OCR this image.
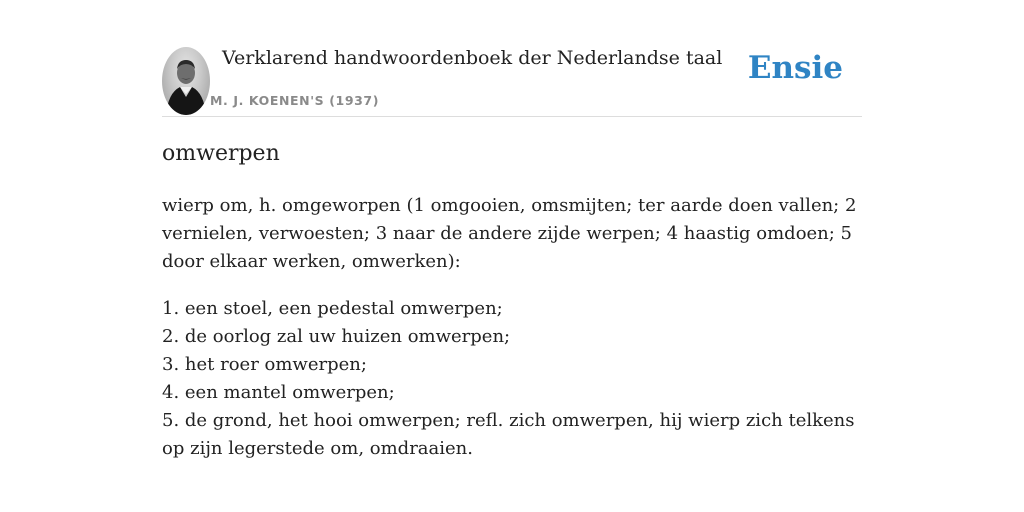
Verklarend handwoordenboek der Nederlandse taal
M. J. KOENEN'S (1937)
Ensie
omwerpen

wierp om, h. omgeworpen (1 omgooien, omsmijten; ter aarde doen vallen; 2 vernielen, verwoesten; 3 naar de andere zijde werpen; 4 haastig omdoen; 5 door elkaar werken, omwerken):

1. een stoel, een pedestal omwerpen;
2. de oorlog zal uw huizen omwerpen;
3. het roer omwerpen;
4. een mantel omwerpen;
5. de grond, het hooi omwerpen; refl. zich omwerpen, hij wierp zich telkens op zijn legerstede om, omdraaien.
